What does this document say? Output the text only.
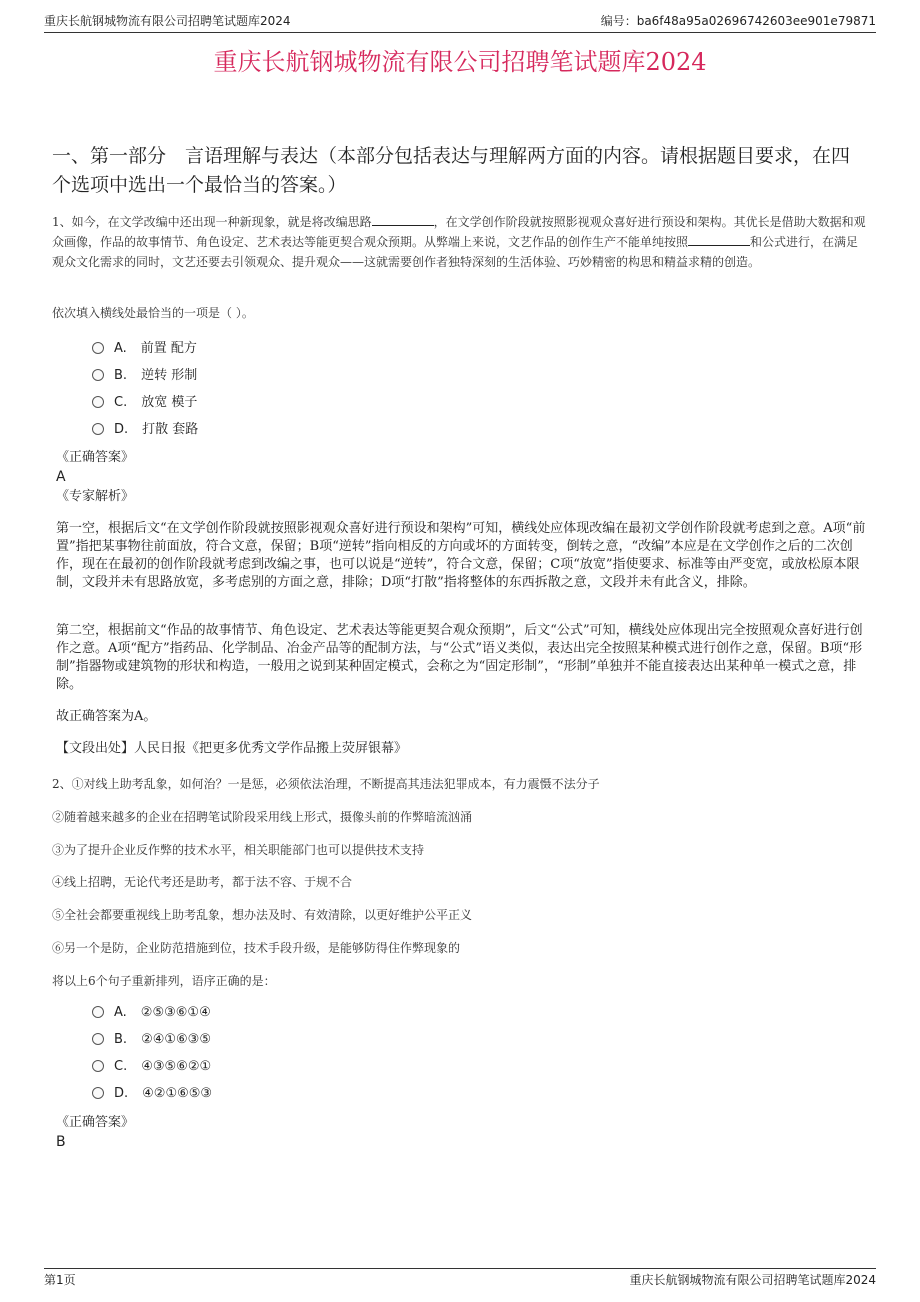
重庆长航钢城物流有限公司招聘笔试题库2024	编号：ba6f48a95a02696742603ee901e79871
重庆长航钢城物流有限公司招聘笔试题库2024
一、第一部分　言语理解与表达（本部分包括表达与理解两方面的内容。请根据题目要求，在四个选项中选出一个最恰当的答案。）
1、如今，在文学改编中还出现一种新现象，就是将改编思路	，在文学创作阶段就按照影视观众喜好进行预设和架构。其优长是借助大数据和观众画像，作品的故事情节、角色设定、艺术表达等能更契合观众预期。从弊端上来说，文艺作品的创作生产不能单纯按照	和公式进行，在满足观众文化需求的同时，文艺还要去引领观众、提升观众——这就需要创作者独特深刻的生活体验、巧妙精密的构思和精益求精的创造。
依次填入横线处最恰当的一项是（ ）。
A. 前置 配方
B. 逆转 形制
C. 放宽 模子
D. 打散 套路
《正确答案》
A
《专家解析》
第一空，根据后文“在文学创作阶段就按照影视观众喜好进行预设和架构”可知，横线处应体现改编在最初文学创作阶段就考虑到之意。A项“前置”指把某事物往前面放，符合文意，保留；B项“逆转”指向相反的方向或坏的方面转变，倒转之意，“改编”本应是在文学创作之后的二次创作，现在在最初的创作阶段就考虑到改编之事，也可以说是“逆转”，符合文意，保留；C项“放宽”指使要求、标准等由严变宽，或放松原本限制，文段并未有思路放宽，多考虑别的方面之意，排除；D项“打散”指将整体的东西拆散之意，文段并未有此含义，排除。
第二空，根据前文“作品的故事情节、角色设定、艺术表达等能更契合观众预期”，后文“公式”可知，横线处应体现出完全按照观众喜好进行创作之意。A项“配方”指药品、化学制品、冶金产品等的配制方法，与“公式”语义类似，表达出完全按照某种模式进行创作之意，保留。B项“形制”指器物或建筑物的形状和构造，一般用之说到某种固定模式，会称之为“固定形制”，“形制”单独并不能直接表达出某种单一模式之意，排除。
故正确答案为A。
【文段出处】人民日报《把更多优秀文学作品搬上荧屏银幕》
2、①对线上助考乱象，如何治？一是惩，必须依法治理，不断提高其违法犯罪成本，有力震慑不法分子
②随着越来越多的企业在招聘笔试阶段采用线上形式，摄像头前的作弊暗流汹涌
③为了提升企业反作弊的技术水平，相关职能部门也可以提供技术支持
④线上招聘，无论代考还是助考，都于法不容、于规不合
⑤全社会都要重视线上助考乱象，想办法及时、有效清除，以更好维护公平正义
⑥另一个是防，企业防范措施到位，技术手段升级，是能够防得住作弊现象的
将以上6个句子重新排列，语序正确的是：
A. ②⑤③⑥①④
B. ②④①⑥③⑤
C. ④③⑤⑥②①
D. ④②①⑥⑤③
《正确答案》
B
第1页	重庆长航钢城物流有限公司招聘笔试题库2024
